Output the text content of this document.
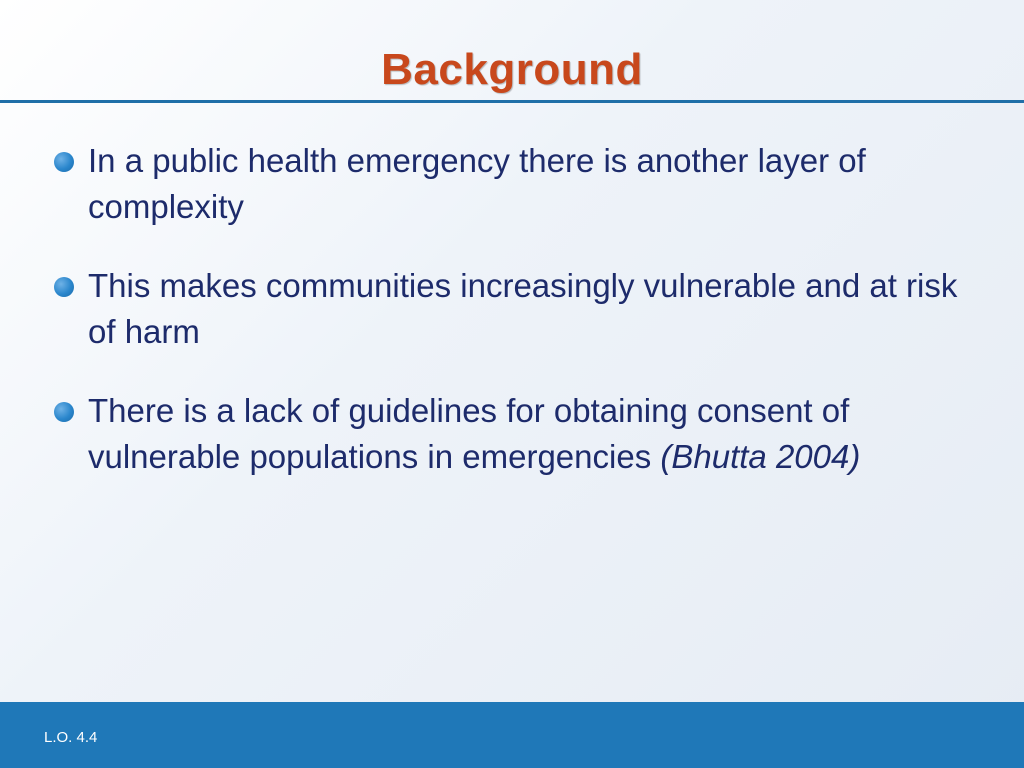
Background
In a public health emergency there is another layer of complexity
This makes communities increasingly vulnerable and at risk of harm
There is a lack of guidelines for obtaining consent of vulnerable populations in emergencies (Bhutta 2004)
L.O. 4.4
